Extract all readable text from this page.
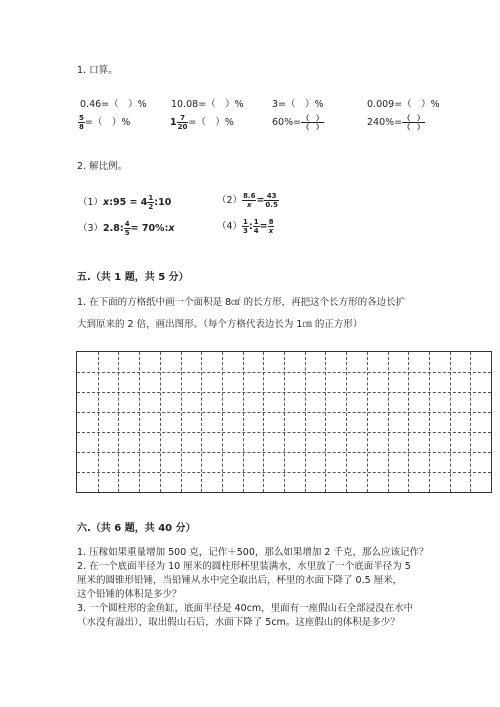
1. 口算。
0.46=（　）%	10.08=（　）%	3=（　）%	0.009=（　）%
$\frac{5}{8}$ =（　）%	$1 \frac{7}{20}$ =（　）%	$60\%= \frac{( )}{( )}$	$240\%= \frac{( )}{( )}$
2. 解比例。
（1）x:95 = $4 \frac{1}{2}$ :10	$(2) \frac{8.6}{x} = \frac{43}{0.5}$
（3）2.8: $\frac{4}{5}$ = 70%:x	$(4) \frac{1}{3}$ : $\frac{1}{4} = \frac{8}{x}$
五.（共 1 题，共 5 分）
1. 在下面的方格纸中画一个面积是 8㎠ 的长方形，再把这个长方形的各边长扩
大到原来的 2 倍，画出图形。（每个方格代表边长为 1㎝ 的正方形）
六.（共 6 题，共 40 分）
1. 压稼如果重量增加 500 克，记作＋500，那么如果增加 2 千克，那么应该记作？
2. 在一个底面半径为 10 厘米的圆柱形杯里装满水，水里放了一个底面半径为 5
厘米的圆锥形铅锤，当铅锤从水中完全取出后，杯里的水面下降了 0.5 厘米，
这个铅锤的体积是多少？
3. 一个圆柱形的金鱼缸，底面半径是 40cm，里面有一座假山石全部浸没在水中
（水没有溢出），取出假山石后，水面下降了 5cm。这座假山的体积是多少？
